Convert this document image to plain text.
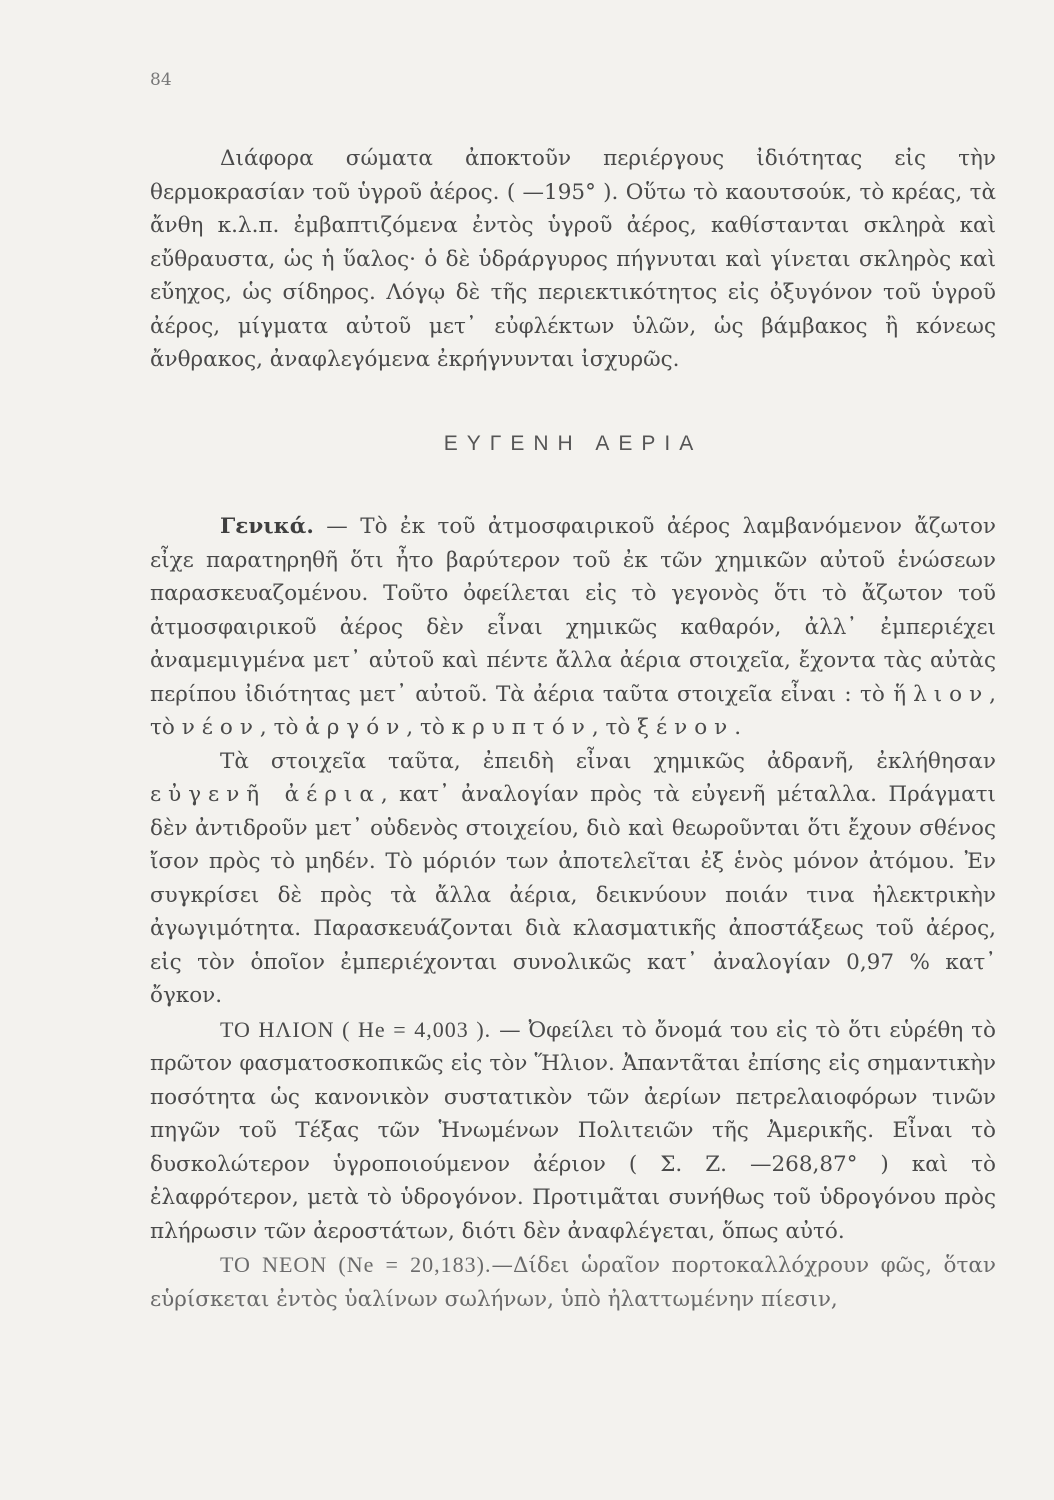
84

Διάφορα σώματα ἀποκτοῦν περιέργους ἰδιότητας εἰς τὴν θερμοκρασίαν τοῦ ὑγροῦ ἀέρος. ( —195° ). Οὕτω τὸ καουτσούκ, τὸ κρέας, τὰ ἄνθη κ.λ.π. ἐμβαπτιζόμενα ἐντὸς ὑγροῦ ἀέρος, καθίστανται σκληρὰ καὶ εὔθραυστα, ὡς ἡ ὕαλος· ὁ δὲ ὑδράργυρος πήγνυται καὶ γίνεται σκληρὸς καὶ εὔηχος, ὡς σίδηρος. Λόγῳ δὲ τῆς περιεκτικότητος εἰς ὀξυγόνον τοῦ ὑγροῦ ἀέρος, μίγματα αὐτοῦ μετ᾽ εὐφλέκτων ὑλῶν, ὡς βάμβακος ἢ κόνεως ἄνθρακος, ἀναφλεγόμενα ἐκρήγνυνται ἰσχυρῶς.

ΕΥΓΕΝΗ ΑΕΡΙΑ

Γενικά. — Τὸ ἐκ τοῦ ἀτμοσφαιρικοῦ ἀέρος λαμβανόμενον ἄζωτον εἶχε παρατηρηθῆ ὅτι ἦτο βαρύτερον τοῦ ἐκ τῶν χημικῶν αὐτοῦ ἑνώσεων παρασκευαζομένου. Τοῦτο ὀφείλεται εἰς τὸ γεγονὸς ὅτι τὸ ἄζωτον τοῦ ἀτμοσφαιρικοῦ ἀέρος δὲν εἶναι χημικῶς καθαρόν, ἀλλ᾽ ἐμπεριέχει ἀναμεμιγμένα μετ᾽ αὐτοῦ καὶ πέντε ἄλλα ἀέρια στοιχεῖα, ἔχοντα τὰς αὐτὰς περίπου ἰδιότητας μετ᾽ αὐτοῦ. Τὰ ἀέρια ταῦτα στοιχεῖα εἶναι : τὸ ἥλιον, τὸ νέον, τὸ ἀργόν, τὸ κρυπτόν, τὸ ξένον.

Τὰ στοιχεῖα ταῦτα, ἐπειδὴ εἶναι χημικῶς ἀδρανῆ, ἐκλήθησαν εὐγενῆ ἀέρια, κατ᾽ ἀναλογίαν πρὸς τὰ εὐγενῆ μέταλλα. Πράγματι δὲν ἀντιδροῦν μετ᾽ οὐδενὸς στοιχείου, διὸ καὶ θεωροῦνται ὅτι ἔχουν σθένος ἴσον πρὸς τὸ μηδέν. Τὸ μόριόν των ἀποτελεῖται ἐξ ἑνὸς μόνον ἀτόμου. Ἐν συγκρίσει δὲ πρὸς τὰ ἄλλα ἀέρια, δεικνύουν ποιάν τινα ἠλεκτρικὴν ἀγωγιμότητα. Παρασκευάζονται διὰ κλασματικῆς ἀποστάξεως τοῦ ἀέρος, εἰς τὸν ὁποῖον ἐμπεριέχονται συνολικῶς κατ᾽ ἀναλογίαν 0,97 % κατ᾽ ὄγκον.

ΤΟ ΗΛΙΟΝ ( He = 4,003 ). — Ὀφείλει τὸ ὄνομά του εἰς τὸ ὅτι εὑρέθη τὸ πρῶτον φασματοσκοπικῶς εἰς τὸν Ἥλιον. Ἀπαντᾶται ἐπίσης εἰς σημαντικὴν ποσότητα ὡς κανονικὸν συστατικὸν τῶν ἀερίων πετρελαιοφόρων τινῶν πηγῶν τοῦ Τέξας τῶν Ἡνωμένων Πολιτειῶν τῆς Ἀμερικῆς. Εἶναι τὸ δυσκολώτερον ὑγροποιούμενον ἀέριον ( Σ. Ζ. —268,87° ) καὶ τὸ ἐλαφρότερον, μετὰ τὸ ὑδρογόνον. Προτιμᾶται συνήθως τοῦ ὑδρογόνου πρὸς πλήρωσιν τῶν ἀεροστάτων, διότι δὲν ἀναφλέγεται, ὅπως αὐτό.

ΤΟ ΝΕΟΝ (Ne = 20,183).—Δίδει ὡραῖον πορτοκαλλόχρουν φῶς, ὅταν εὑρίσκεται ἐντὸς ὑαλίνων σωλήνων, ὑπὸ ἠλαττωμένην πίεσιν,
